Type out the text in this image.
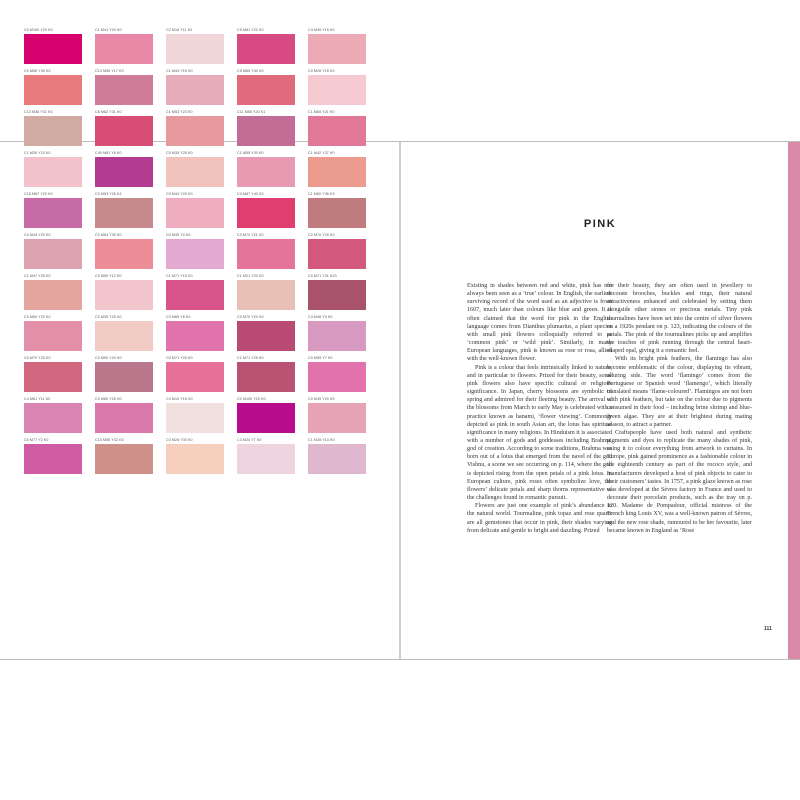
C0 M100 Y20 K0	C1 M41 Y20 K0	C2 M18 Y11 K0	C5 M81 Y22 K0	C4 M45 Y15 K0
C0 M56 Y40 K0	C13 M55 Y17 K0	C1 M44 Y19 K0	C5 M65 Y40 K0	C0 M26 Y15 K0
C13 M36 Y31 K0	C6 M82 Y31 K0	C1 M53 Y23 K0	C11 M55 Y20 K1	C1 M65 Y21 K0
C1 M30 Y15 K0	C40 M81 Y8 K0	C0 M35 Y25 K0	C1 M55 Y30 K0	C1 M42 Y37 K0
C15 M67 Y20 K0	C0 M53 Y26 K3	C0 M44 Y20 K0	C0 M87 Y40 K0	C1 M60 Y36 K3
C0 M44 Y20 K0	C0 M54 Y35 K0	C0 M45 Y0 K0	C0 M72 Y21 K0	C0 M70 Y29 K0
C1 M47 Y25 K0	C0 M50 Y12 K0	C1 M71 Y15 K0	C1 M21 Y20 K0	C0 M71 Y31 K20
C0 M60 Y20 K0	C0 M35 Y25 K0	C0 M65 Y6 K0	C0 M70 Y20 K0	C4 M48 Y0 K0
C0 M70 Y25 K0	C0 M50 Y20 K0	C0 M71 Y25 K0	C1 M71 Y25 K0	C0 M55 Y7 K0
C4 M61 Y11 K0	C0 M60 Y25 K0	C4 M10 Y15 K0	C0 M100 Y20 K0	C0 M45 Y20 K5
C0 M77 Y2 K0	C15 M55 Y32 K5	C0 M26 Y30 K0	C3 M24 Y7 K0	C1 M35 Y13 K0
PINK

Existing in shades between red and white, pink has not always been seen as a ‘true’ colour. In English, the earliest surviving record of the word used as an adjective is from 1607, much later than colours like blue and green. It is often claimed that the word for pink in the English language comes from Dianthus plumarius, a plant species with small pink flowers colloquially referred to as ‘common pink’ or ‘wild pink’. Similarly, in many European languages, pink is known as rose or rosa, allied with the well-known flower.

Pink is a colour that feels intrinsically linked to nature, and in particular to flowers. Prized for their beauty, some pink flowers also have specific cultural or religious significance. In Japan, cherry blossoms are symbolic of spring and admired for their fleeting beauty. The arrival of the blossoms from March to early May is celebrated with a practice known as hanami, ‘flower viewing’. Commonly depicted as pink in south Asian art, the lotus has spiritual significance in many religions. In Hinduism it is associated with a number of gods and goddesses including Brahma, god of creation. According to some traditions, Brahma was born out of a lotus that emerged from the navel of the god Vishnu, a scene we see occurring on p. 114, where the god is depicted rising from the open petals of a pink lotus. In European culture, pink roses often symbolize love, the flowers’ delicate petals and sharp thorns representative of the challenges found in romantic pursuit.

Flowers are just one example of pink’s abundance in the natural world. Tourmaline, pink topaz and rose quartz are all gemstones that occur in pink, their shades varying from delicate and gentle to bright and dazzling. Prized

for their beauty, they are often used in jewellery to decorate brooches, buckles and rings, their natural attractiveness enhanced and celebrated by setting them alongside other stones or precious metals. Tiny pink tourmalines have been set into the centre of silver flowers on a 1920s pendant on p. 123, indicating the colours of the petals. The pink of the tourmalines picks up and amplifies the touches of pink running through the central heart-shaped opal, giving it a romantic feel.

With its bright pink feathers, the flamingo has also become emblematic of the colour, displaying its vibrant, alluring side. The word ‘flamingo’ comes from the Portuguese or Spanish word ‘flamengo’, which literally translated means ‘flame-coloured’. Flamingos are not born with pink feathers, but take on the colour due to pigments consumed in their food – including brine shrimp and blue-green algae. They are at their brightest during mating season, to attract a partner.

Craftspeople have used both natural and synthetic pigments and dyes to replicate the many shades of pink, using it to colour everything from artwork to curtains. In Europe, pink gained prominence as a fashionable colour in the eighteenth century as part of the rococo style, and manufacturers developed a host of pink objects to cater to their customers’ tastes. In 1757, a pink glaze known as rose was developed at the Sèvres factory in France and used to decorate their porcelain products, such as the tray on p. 120. Madame de Pompadour, official mistress of the French king Louis XV, was a well-known patron of Sèvres, and the new rose shade, rumoured to be her favourite, later became known in England as ‘Rose

111
